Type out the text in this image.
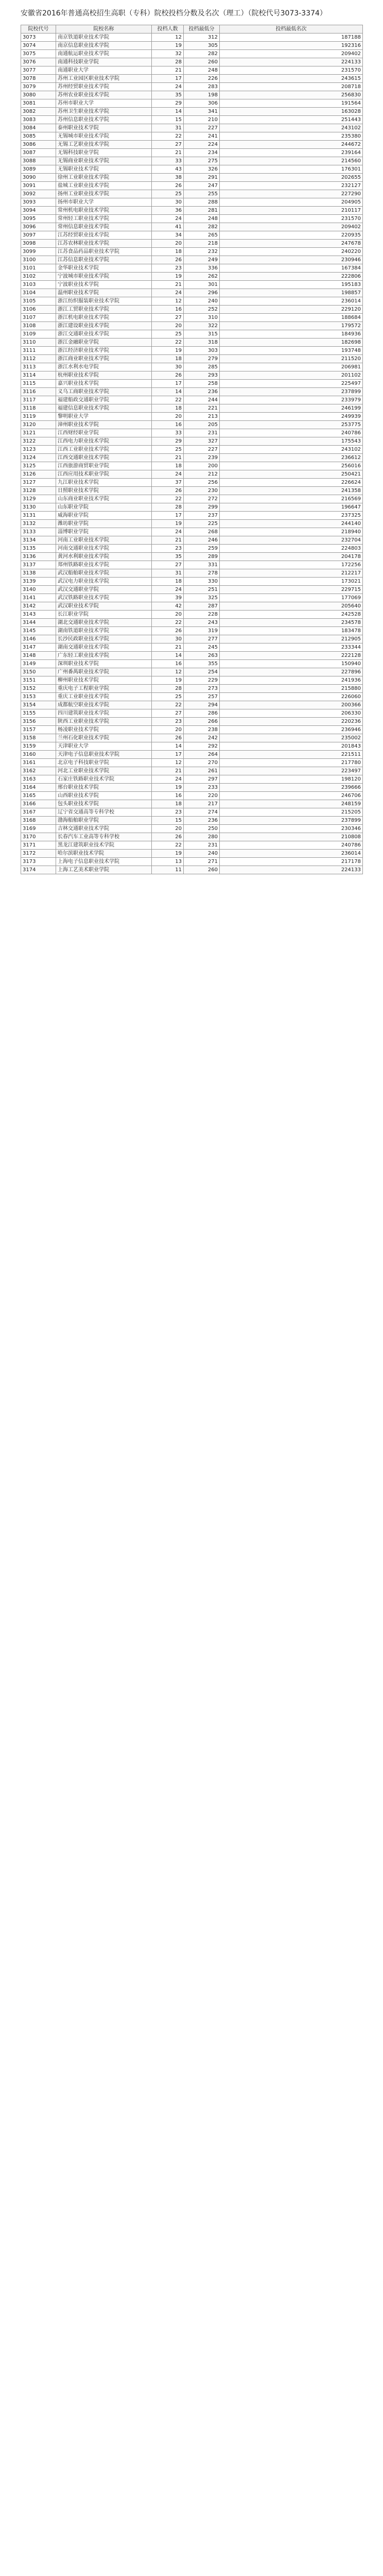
安徽省2016年普通高校招生高职（专科）院校投档分数及名次（理工）（院校代号3073-3374）
院校代号	院校名称	投档人数	投档最低分	投档最低名次
3073	南京铁道职业技术学院	12	312	187188
3074	南京信息职业技术学院	19	305	192316
3075	南通航运职业技术学院	32	282	209402
3076	南通科技职业学院	28	260	224133
3077	南通职业大学	21	248	231570
3078	苏州工业园区职业技术学院	17	226	243615
3079	苏州经贸职业技术学院	24	283	208718
3080	苏州农业职业技术学院	35	198	256830
3081	苏州市职业大学	29	306	191564
3082	苏州卫生职业技术学院	14	341	163028
3083	苏州信息职业技术学院	15	210	251443
3084	泰州职业技术学院	31	227	243102
3085	无锡城市职业技术学院	22	241	235380
3086	无锡工艺职业技术学院	27	224	244672
3087	无锡科技职业学院	21	234	239164
3088	无锡商业职业技术学院	33	275	214560
3089	无锡职业技术学院	43	326	176301
3090	徐州工业职业技术学院	38	291	202655
3091	盐城工业职业技术学院	26	247	232127
3092	扬州工业职业技术学院	25	255	227290
3093	扬州市职业大学	30	288	204905
3094	常州机电职业技术学院	36	281	210117
3095	常州轻工职业技术学院	24	248	231570
3096	常州信息职业技术学院	41	282	209402
3097	江苏经贸职业技术学院	34	265	220935
3098	江苏农林职业技术学院	20	218	247678
3099	江苏食品药品职业技术学院	18	232	240220
3100	江苏信息职业技术学院	26	249	230946
3101	金华职业技术学院	23	336	167384
3102	宁波城市职业技术学院	19	262	222806
3103	宁波职业技术学院	21	301	195183
3104	温州职业技术学院	24	296	198857
3105	浙江纺织服装职业技术学院	12	240	236014
3106	浙江工贸职业技术学院	16	252	229120
3107	浙江机电职业技术学院	27	310	188684
3108	浙江建设职业技术学院	20	322	179572
3109	浙江交通职业技术学院	25	315	184936
3110	浙江金融职业学院	22	318	182698
3111	浙江经济职业技术学院	19	303	193748
3112	浙江商业职业技术学院	18	279	211520
3113	浙江水利水电学院	30	285	206981
3114	杭州职业技术学院	26	293	201102
3115	嘉兴职业技术学院	17	258	225497
3116	义乌工商职业技术学院	14	236	237899
3117	福建船政交通职业学院	22	244	233979
3118	福建信息职业技术学院	18	221	246199
3119	黎明职业大学	20	213	249939
3120	漳州职业技术学院	16	205	253775
3121	江西财经职业学院	33	231	240786
3122	江西电力职业技术学院	29	327	175543
3123	江西工业职业技术学院	25	227	243102
3124	江西交通职业技术学院	21	239	236612
3125	江西旅游商贸职业学院	18	200	256016
3126	江西应用技术职业学院	24	212	250421
3127	九江职业技术学院	37	256	226624
3128	日照职业技术学院	26	230	241358
3129	山东商业职业技术学院	22	272	216569
3130	山东职业学院	28	299	196647
3131	威海职业学院	17	237	237325
3132	潍坊职业学院	19	225	244140
3133	淄博职业学院	24	268	218940
3134	河南工业职业技术学院	21	246	232704
3135	河南交通职业技术学院	23	259	224803
3136	黄河水利职业技术学院	35	289	204178
3137	郑州铁路职业技术学院	27	331	172256
3138	武汉船舶职业技术学院	31	278	212217
3139	武汉电力职业技术学院	18	330	173021
3140	武汉交通职业学院	24	251	229715
3141	武汉铁路职业技术学院	39	325	177069
3142	武汉职业技术学院	42	287	205640
3143	长江职业学院	20	228	242528
3144	湖北交通职业技术学院	22	243	234578
3145	湖南铁道职业技术学院	26	319	183478
3146	长沙民政职业技术学院	30	277	212905
3147	湖南交通职业技术学院	21	245	233344
3148	广东轻工职业技术学院	14	263	222128
3149	深圳职业技术学院	16	355	150940
3150	广州番禺职业技术学院	12	254	227896
3151	柳州职业技术学院	19	229	241936
3152	重庆电子工程职业学院	28	273	215880
3153	重庆工业职业技术学院	25	257	226060
3154	成都航空职业技术学院	22	294	200366
3155	四川建筑职业技术学院	27	286	206330
3156	陕西工业职业技术学院	23	266	220236
3157	杨凌职业技术学院	20	238	236946
3158	兰州石化职业技术学院	26	242	235002
3159	天津职业大学	14	292	201843
3160	天津电子信息职业技术学院	17	264	221511
3161	北京电子科技职业学院	12	270	217780
3162	河北工业职业技术学院	21	261	223497
3163	石家庄铁路职业技术学院	24	297	198120
3164	邢台职业技术学院	19	233	239666
3165	山西职业技术学院	16	220	246706
3166	包头职业技术学院	18	217	248159
3167	辽宁省交通高等专科学校	23	274	215205
3168	渤海船舶职业学院	15	236	237899
3169	吉林交通职业技术学院	20	250	230346
3170	长春汽车工业高等专科学校	26	280	210808
3171	黑龙江建筑职业技术学院	22	231	240786
3172	哈尔滨职业技术学院	19	240	236014
3173	上海电子信息职业技术学院	13	271	217178
3174	上海工艺美术职业学院	11	260	224133
